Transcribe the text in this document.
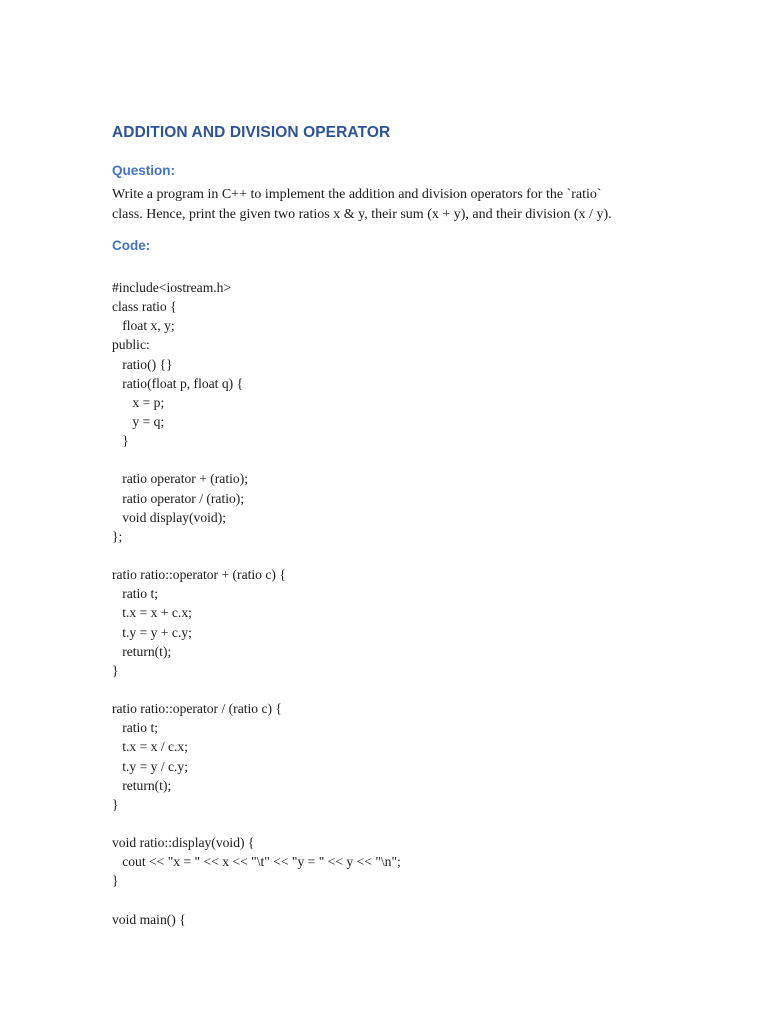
ADDITION AND DIVISION OPERATOR
Question:

Write a program in C++ to implement the addition and division operators for the `ratio`
class. Hence, print the given two ratios x & y, their sum (x + y), and their division (x / y).

Code:
#include<iostream.h>
class ratio {
float x, y;
public:
ratio() {}
ratio(float p, float q) {
x = p;
y = q;
}
ratio operator + (ratio);
ratio operator / (ratio);
void display(void);
};
ratio ratio::operator + (ratio c) {
ratio t;
t.x = x + c.x;
t.y = y + c.y;
return(t);
}
ratio ratio::operator / (ratio c) {
ratio t;
t.x = x / c.x;
t.y = y / c.y;
return(t);
}
void ratio::display(void) {
cout << "x = " << x << "\t" << "y = " << y << "\n";
}
void main() {
